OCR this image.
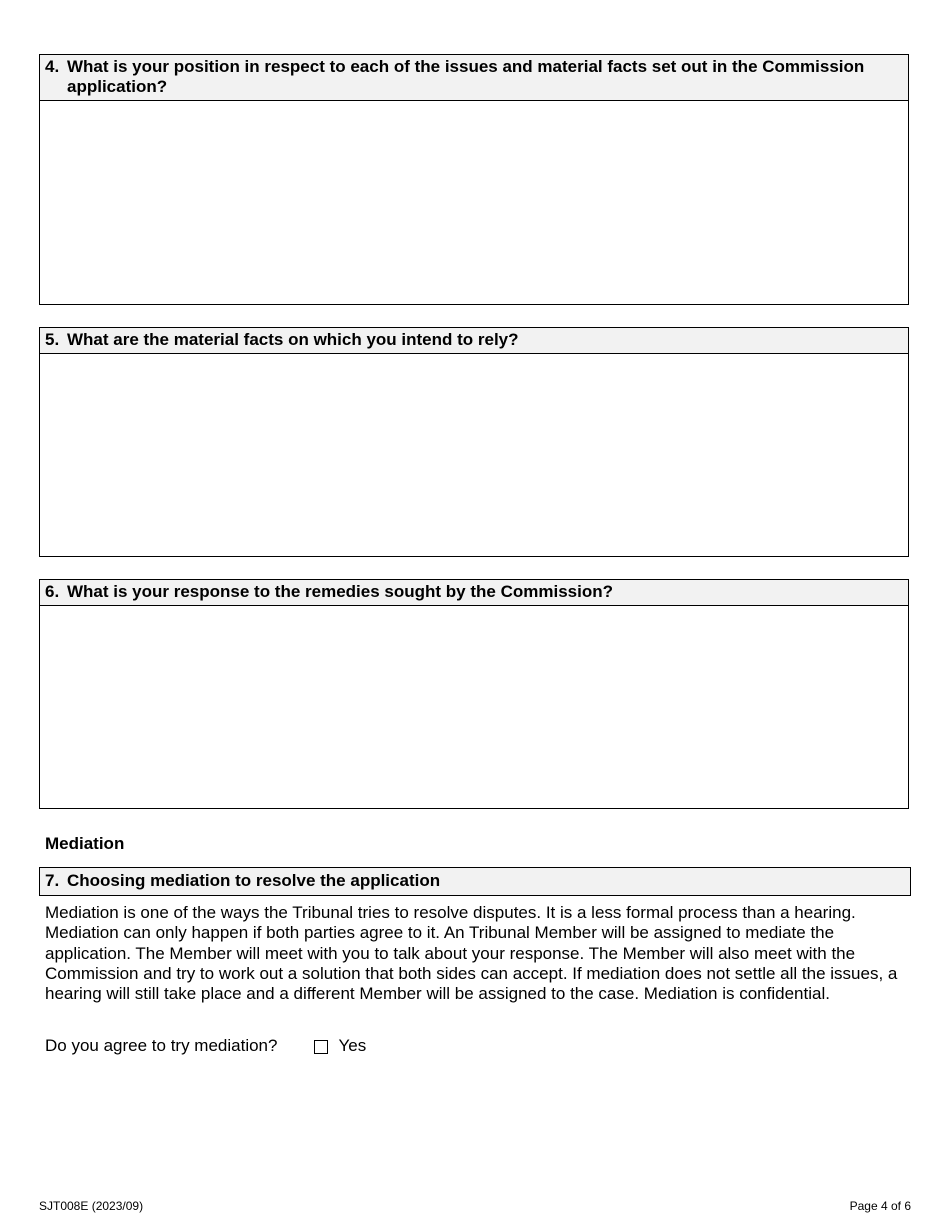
4. What is your position in respect to each of the issues and material facts set out in the Commission application?
5. What are the material facts on which you intend to rely?
6. What is your response to the remedies sought by the Commission?
Mediation
7. Choosing mediation to resolve the application
Mediation is one of the ways the Tribunal tries to resolve disputes. It is a less formal process than a hearing. Mediation can only happen if both parties agree to it. An Tribunal Member will be assigned to mediate the application. The Member will meet with you to talk about your response. The Member will also meet with the Commission and try to work out a solution that both sides can accept. If mediation does not settle all the issues, a hearing will still take place and a different Member will be assigned to the case. Mediation is confidential.
Do you agree to try mediation?	Yes
SJT008E (2023/09)	Page 4 of 6
